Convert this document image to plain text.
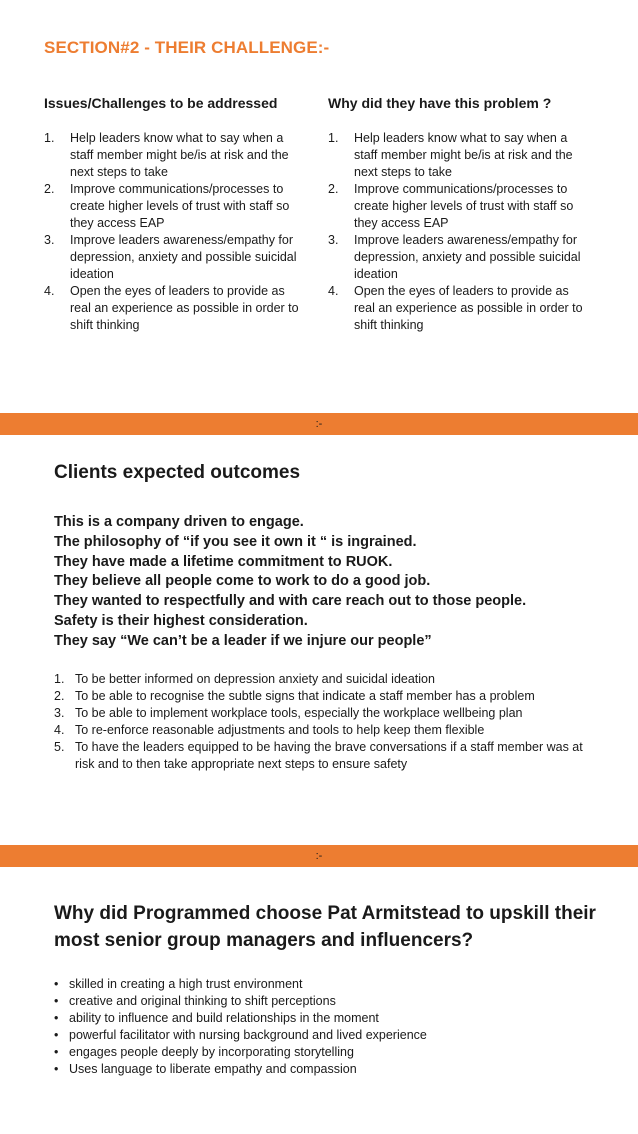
SECTION#2 - THEIR CHALLENGE:-
Issues/Challenges to be addressed
1. Help leaders know what to say when a staff member might be/is at risk and the next steps to take
2. Improve communications/processes to create higher levels of trust with staff so they access EAP
3. Improve leaders awareness/empathy for depression, anxiety and possible suicidal ideation
4. Open the eyes of leaders to provide as real an experience as possible in order to shift thinking
Why did they have this problem ?
1. Help leaders know what to say when a staff member might be/is at risk and the next steps to take
2. Improve communications/processes to create higher levels of trust with staff so they access EAP
3. Improve leaders awareness/empathy for depression, anxiety and possible suicidal ideation
4. Open the eyes of leaders to provide as real an experience as possible in order to shift thinking
:-
Clients expected outcomes
This is a company driven to engage.
The philosophy of “if you see it own it “ is ingrained.
They have made a lifetime commitment to RUOK.
They believe all people come to work to do a good job.
They wanted to respectfully and with care reach out to those people.
Safety is their highest consideration.
They say “We can’t be a leader if we injure our people”
1. To be better informed on depression anxiety and suicidal ideation
2. To be able to recognise the subtle signs that indicate a staff member has a problem
3. To be able to implement workplace tools, especially the workplace wellbeing plan
4. To re-enforce reasonable adjustments and tools to help keep them flexible
5. To have the leaders equipped to be having the brave conversations if a staff member was at risk and to then take appropriate next steps to ensure safety
:-
Why did Programmed choose Pat Armitstead to upskill their most senior group managers and influencers?
• skilled in creating a high trust environment
• creative and original thinking to shift perceptions
• ability to influence and build relationships in the moment
• powerful facilitator with nursing background and lived experience
• engages people deeply by incorporating storytelling
• Uses language to liberate empathy and compassion
